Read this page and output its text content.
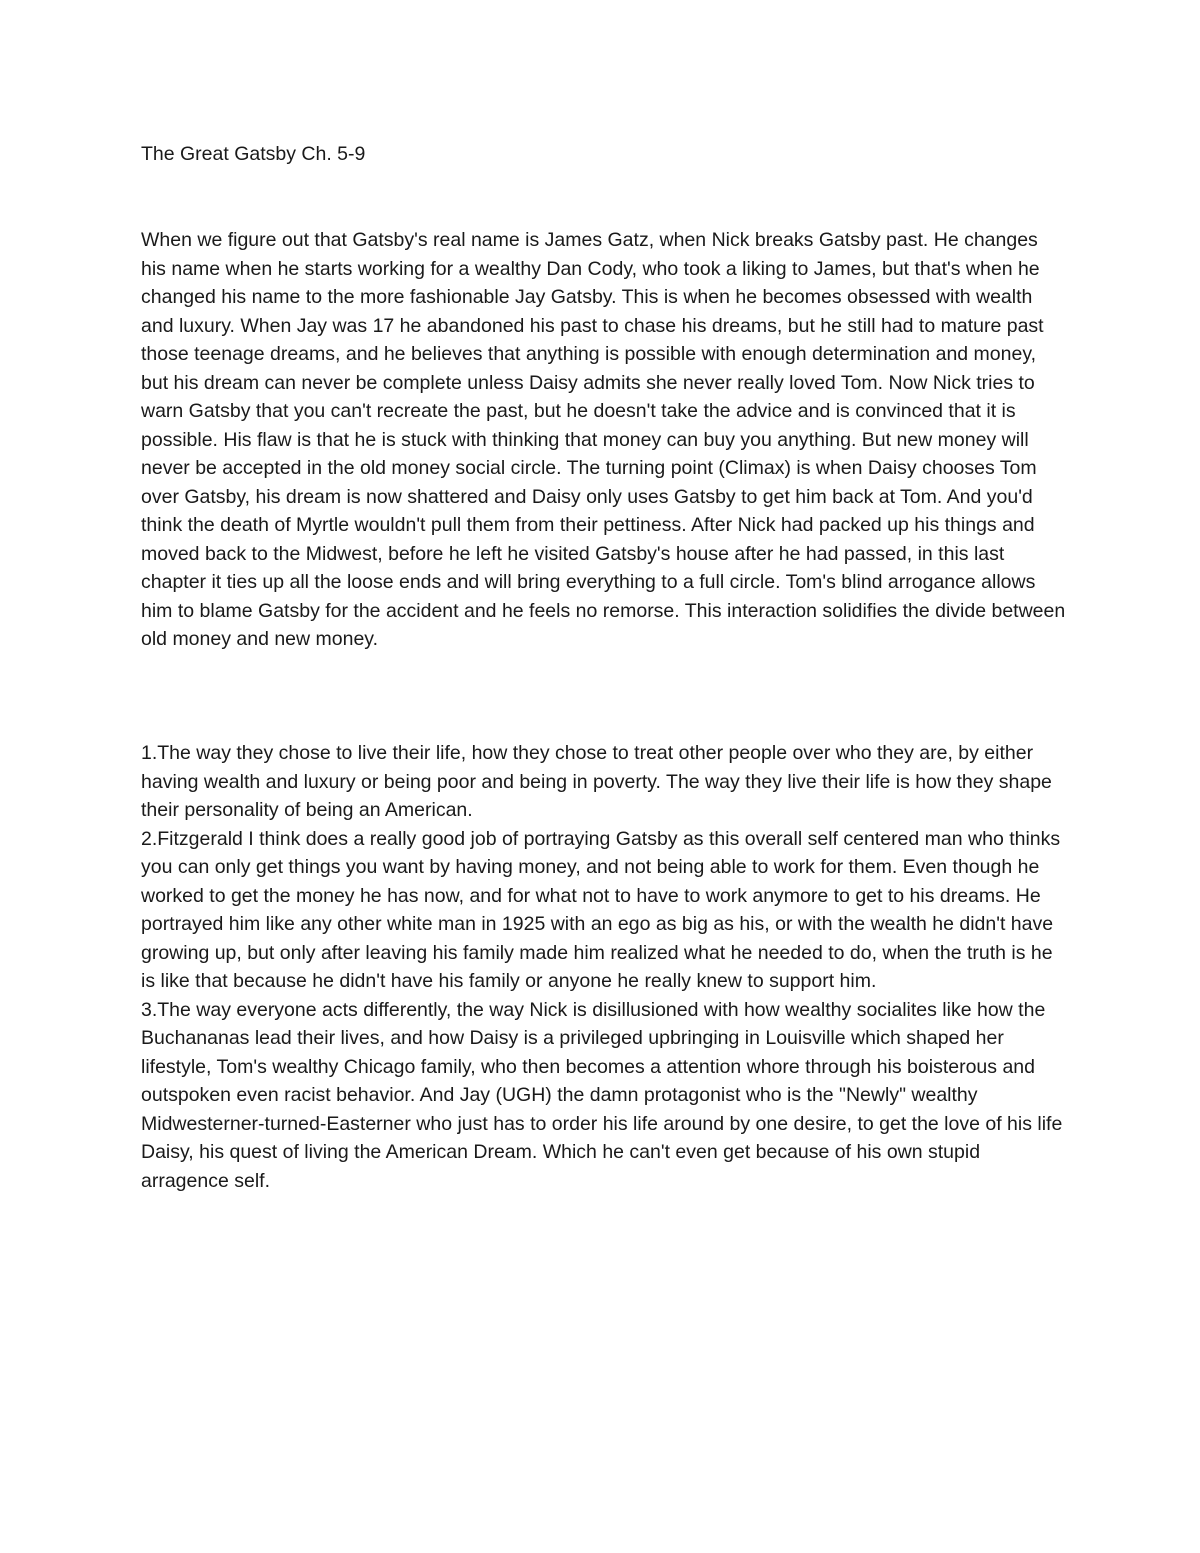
The Great Gatsby Ch. 5-9

When we figure out that Gatsby's real name is James Gatz, when Nick breaks Gatsby past. He changes his name when he starts working for a wealthy Dan Cody, who took a liking to James, but that's when he changed his name to the more fashionable Jay Gatsby. This is when he becomes obsessed with wealth and luxury. When Jay was 17 he abandoned his past to chase his dreams, but he still had to mature past those teenage dreams, and he believes that anything is possible with enough determination and money, but his dream can never be complete unless Daisy admits she never really loved Tom. Now Nick tries to warn Gatsby that you can't recreate the past, but he doesn't take the advice and is convinced that it is possible. His flaw is that he is stuck with thinking that money can buy you anything. But new money will never be accepted in the old money social circle. The turning point (Climax) is when Daisy chooses Tom over Gatsby, his dream is now shattered and Daisy only uses Gatsby to get him back at Tom. And you'd think the death of Myrtle wouldn't pull them from their pettiness. After Nick had packed up his things and moved back to the Midwest, before he left he visited Gatsby's house after he had passed, in this last chapter it ties up all the loose ends and will bring everything to a full circle. Tom's blind arrogance allows him to blame Gatsby for the accident and he feels no remorse. This interaction solidifies the divide between old money and new money.

1.The way they chose to live their life, how they chose to treat other people over who they are, by either having wealth and luxury or being poor and being in poverty. The way they live their life is how they shape their personality of being an American.

2.Fitzgerald I think does a really good job of portraying Gatsby as this overall self centered man who thinks you can only get things you want by having money, and not being able to work for them. Even though he worked to get the money he has now, and for what not to have to work anymore to get to his dreams. He portrayed him like any other white man in 1925 with an ego as big as his, or with the wealth he didn't have growing up, but only after leaving his family made him realized what he needed to do, when the truth is he is like that because he didn't have his family or anyone he really knew to support him.

3.The way everyone acts differently, the way Nick is disillusioned with how wealthy socialites like how the Buchananas lead their lives, and how Daisy is a privileged upbringing in Louisville which shaped her lifestyle, Tom's wealthy Chicago family, who then becomes a attention whore through his boisterous and outspoken even racist behavior. And Jay (UGH) the damn protagonist who is the "Newly" wealthy Midwesterner-turned-Easterner who just has to order his life around by one desire, to get the love of his life Daisy, his quest of living the American Dream. Which he can't even get because of his own stupid arragence self.
